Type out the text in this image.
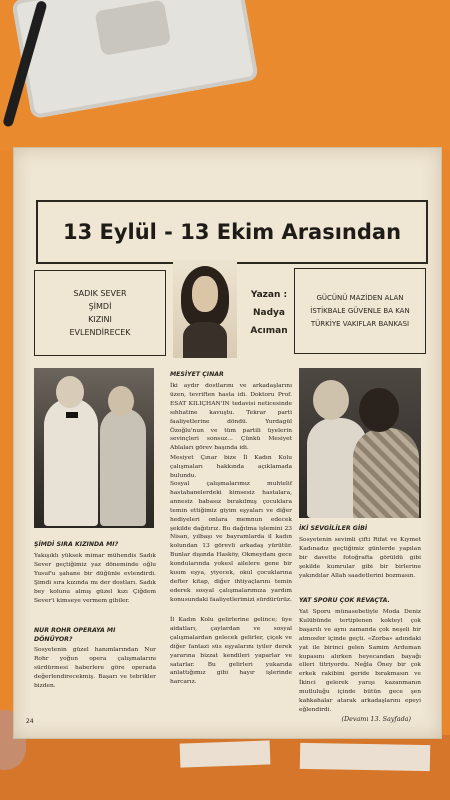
13 Eylül - 13 Ekim Arasından
SADIK SEVER
ŞİMDİ
KIZINI
EVLENDİRECEK
Yazan :
Nadya
Acıman
GÜCÜNÜ MAZİDEN ALAN
İSTİKBALE GÜVENLE BA KAN
TÜRKİYE VAKIFLAR BANKASI
ŞİMDİ SIRA KIZINDA MI?
Yakışıklı yüksek mimar mühendis Sadık Sever geçtiğimiz yaz döneminde oğlu Yusuf'u şahane bir düğünle evlendirdi. Şimdi sıra kızında mı der dostları. Sadık bey kolunu almış güzel kızı Çiğdem Sever'i kimseye vermem gibiler.
NUR ROHR OPERAYA MI DÖNÜYOR?
Sosyetenin güzel hanımlarından Nur Rohr yoğun opera çalışmalarını sürdürmesi haberlere göre operada değerlendirecekmiş. Başarı ve tebrikler bizden.
MESİYET ÇINAR
İki aydır dostlarını ve arkadaşlarını üzen, tevriften hasta idi. Doktoru Prof. ESAT KILIÇHAN'IN tedavisi neticesinde sıhhatine kavuştu. Tekrar parti faaliyetlerine döndü. Yurdagül Özoğlu'nun ve tüm partili üyelerin sevinçleri sonsuz... Çünkü Mesiyet Ablaları görev başında idi.
Mesiyet Çınar bize İl Kadın Kolu çalışmaları hakkında açıklamada bulundu.
Sosyal çalışmalarımız muhtelif hastahanelerdeki kimsesiz hastalara, annesiz babasız bırakılmış çocuklara temin ettiğimiz giyim eşyaları ve diğer hediyeleri onlara memnun edecek şekilde dağıtırız. Bu dağıtma işlemini 23 Nisan, yılbaşı ve bayramlarda il kadın kolundan 13 görevli arkadaş yürütür. Bunlar dışında Hasköy, Okmeydanı gece kondularında yokesl ailelere gene bir kısım eşya, yiyecek, okul çocuklarına defter kitap, diğer ihtiyaçlarını temin ederek sosyal çalışmalarımıza yardım konusundaki faaliyetlerimizi sürdürürüz.
İl Kadın Kolu gelirlerine gelince; üye aidatları, çaylardan ve sosyal çalışmalardan gelecek gelirler, çiçek ve diğer fantazi süs eşyalarını iyiler derek yararına bizzat kendileri yaparlar ve satarlar. Bu gelirleri yukarıda anlattığımız gibi hayır işlerinde harcarız.
İKİ SEVGİLİLER GİBİ
Sosyetenin sevimli çifti Rifat ve Kıymet Kadınadız geçtiğimiz günlerde yapılan bir davette fotoğrafta görüldü gibi şekilde kumrular gibi bir birlerine yakındılar Allah saadetlerini bozmasın.
YAT SPORU ÇOK REVAÇTA.
Yat Sporu münasebetiyle Moda Deniz Kulübünde tertiplenen kokteyl çok başarılı ve aynı zamanda çok neşeli bir atmosfer içinde geçti. «Zorba» adındaki yat ile birinci gelen Samim Arduman kupasını alırken heyecandan bayağı elleri titriyordu. Neğla Öney bir çok erkek rakibini geride bırakmasın ve İkinci gelerek yarışı kazanmanın mutluluğu içinde bütün gece şen kahkahalar atarak arkadaşlarını epeyi eğlendirdi.
24	(Devamı 13. Sayfada)
